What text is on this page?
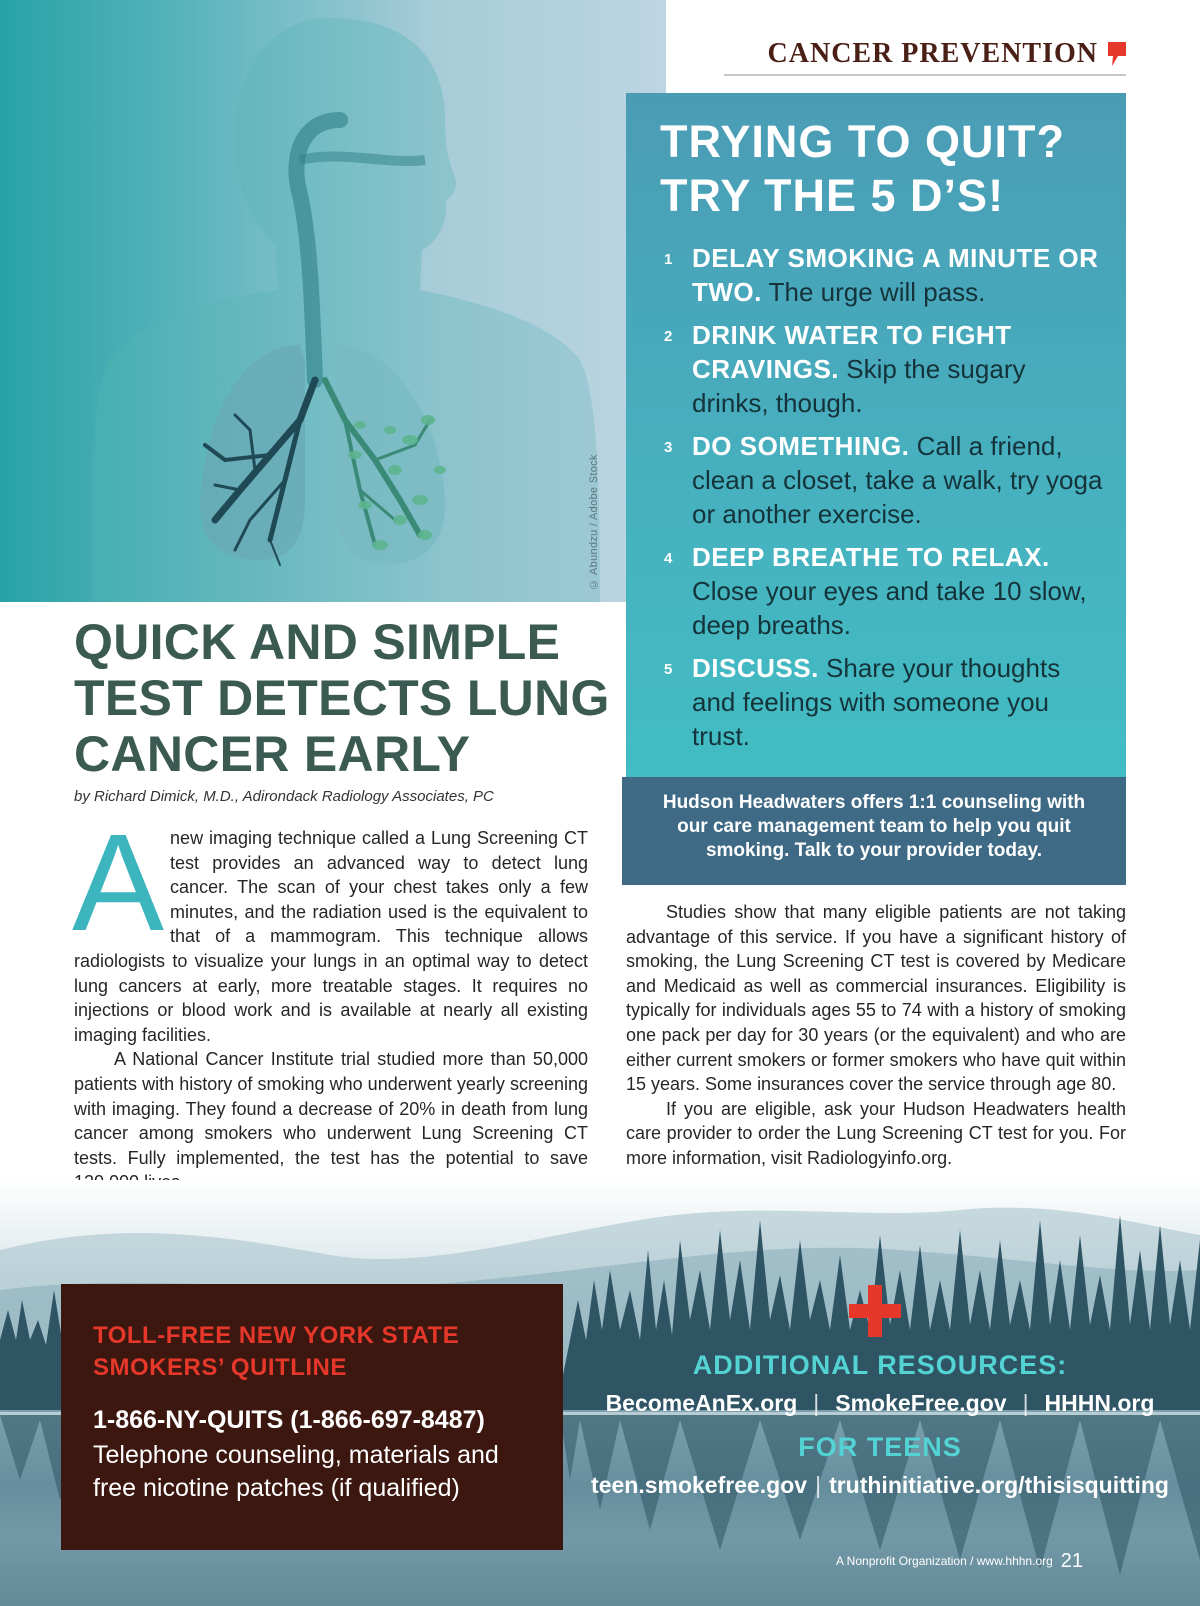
© Abundzu / Adobe Stock
CANCER PREVENTION
TRYING TO QUIT?
TRY THE 5 D’S!
1 DELAY SMOKING A MINUTE OR TWO. The urge will pass.
2 DRINK WATER TO FIGHT CRAVINGS. Skip the sugary drinks, though.
3 DO SOMETHING. Call a friend, clean a closet, take a walk, try yoga or another exercise.
4 DEEP BREATHE TO RELAX. Close your eyes and take 10 slow, deep breaths.
5 DISCUSS. Share your thoughts and feelings with someone you trust.
Hudson Headwaters offers 1:1 counseling with our care management team to help you quit smoking. Talk to your provider today.
QUICK AND SIMPLE TEST DETECTS LUNG CANCER EARLY
by Richard Dimick, M.D., Adirondack Radiology Associates, PC

Anew imaging technique called a Lung Screening CT test provides an advanced way to detect lung cancer. The scan of your chest takes only a few minutes, and the radiation used is the equivalent to that of a mammogram. This technique allows radiologists to visualize your lungs in an optimal way to detect lung cancers at early, more treatable stages. It requires no injections or blood work and is available at nearly all existing imaging facilities.

A National Cancer Institute trial studied more than 50,000 patients with history of smoking who underwent yearly screening with imaging. They found a decrease of 20% in death from lung cancer among smokers who underwent Lung Screening CT tests. Fully implemented, the test has the potential to save

Studies show that many eligible patients are not taking advantage of this service. If you have a significant history of smoking, the Lung Screening CT test is covered by Medicare and Medicaid as well as commercial insurances. Eligibility is typically for individuals ages 55 to 74 with a history of smoking one pack per day for 30 years (or the equivalent) and who are either current smokers or former smokers who have quit within 15 years. Some insurances cover the service through age 80.

If you are eligible, ask your Hudson Headwaters health care provider to order the Lung Screening CT test for you. For more information, visit Radiologyinfo.org.

TOLL-FREE NEW YORK STATE
SMOKERS’ QUITLINE
1-866-NY-QUITS (1-866-697-8487)
Telephone counseling, materials and
free nicotine patches (if qualified)
ADDITIONAL RESOURCES:
BecomeAnEx.org | SmokeFree.gov | HHHN.org
FOR TEENS
teen.smokefree.gov | truthinitiative.org/thisisquitting
A Nonprofit Organization / www.hhhn.org 21
